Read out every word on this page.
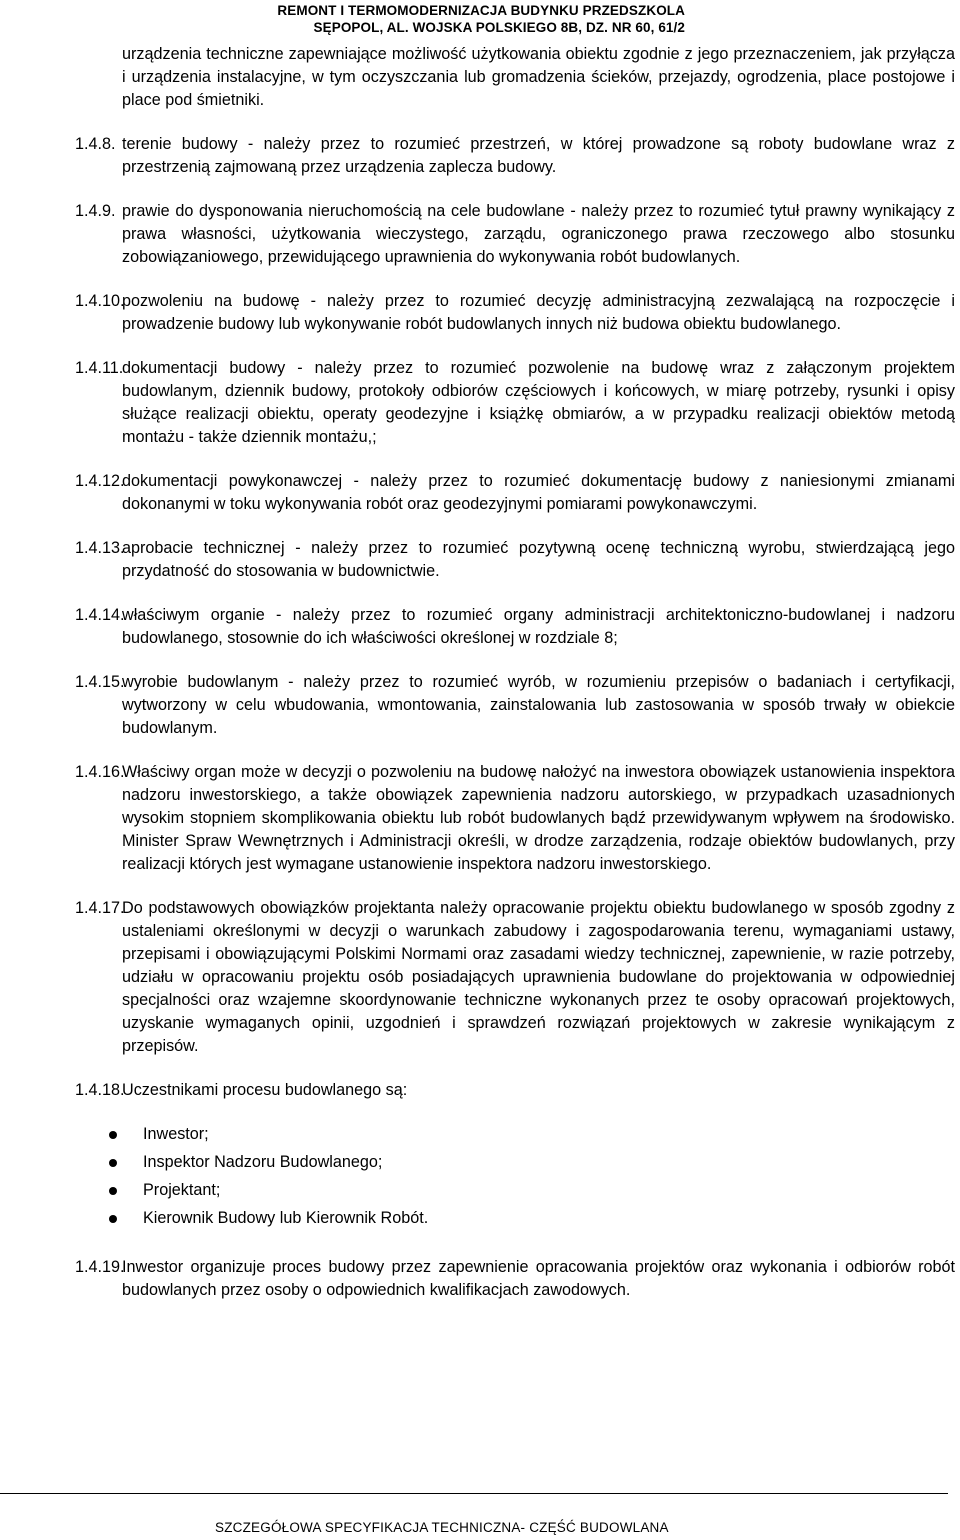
REMONT I TERMOMODERNIZACJA BUDYNKU PRZEDSZKOLA
SĘPOPOL, AL. WOJSKA POLSKIEGO 8B, DZ. NR 60, 61/2

urządzenia techniczne zapewniające możliwość użytkowania obiektu zgodnie z jego przeznaczeniem, jak przyłącza i urządzenia instalacyjne, w tym oczyszczania lub gromadzenia ścieków, przejazdy, ogrodzenia, place postojowe i place pod śmietniki.

1.4.8. terenie budowy - należy przez to rozumieć przestrzeń, w której prowadzone są roboty budowlane wraz z przestrzenią zajmowaną przez urządzenia zaplecza budowy.
1.4.9. prawie do dysponowania nieruchomością na cele budowlane - należy przez to rozumieć tytuł prawny wynikający z prawa własności, użytkowania wieczystego, zarządu, ograniczonego prawa rzeczowego albo stosunku zobowiązaniowego, przewidującego uprawnienia do wykonywania robót budowlanych.
1.4.10.
pozwoleniu na budowę - należy przez to rozumieć decyzję administracyjną zezwalającą na rozpoczęcie i prowadzenie budowy lub wykonywanie robót budowlanych innych niż budowa obiektu budowlanego.
1.4.11.
dokumentacji budowy - należy przez to rozumieć pozwolenie na budowę wraz z załączonym projektem budowlanym, dziennik budowy, protokoły odbiorów częściowych i końcowych, w miarę potrzeby, rysunki i opisy służące realizacji obiektu, operaty geodezyjne i książkę obmiarów, a w przypadku realizacji obiektów metodą montażu - także dziennik montażu,;
1.4.12.
dokumentacji powykonawczej - należy przez to rozumieć dokumentację budowy z naniesionymi zmianami dokonanymi w toku wykonywania robót oraz geodezyjnymi pomiarami powykonawczymi.
1.4.13.
aprobacie technicznej - należy przez to rozumieć pozytywną ocenę techniczną wyrobu, stwierdzającą jego przydatność do stosowania w budownictwie.
1.4.14.
właściwym organie - należy przez to rozumieć organy administracji architektoniczno-budowlanej i nadzoru budowlanego, stosownie do ich właściwości określonej w rozdziale 8;
1.4.15.
wyrobie budowlanym - należy przez to rozumieć wyrób, w rozumieniu przepisów o badaniach i certyfikacji, wytworzony w celu wbudowania, wmontowania, zainstalowania lub zastosowania w sposób trwały w obiekcie budowlanym.
1.4.16.
Właściwy organ może w decyzji o pozwoleniu na budowę nałożyć na inwestora obowiązek ustanowienia inspektora nadzoru inwestorskiego, a także obowiązek zapewnienia nadzoru autorskiego, w przypadkach uzasadnionych wysokim stopniem skomplikowania obiektu lub robót budowlanych bądź przewidywanym wpływem na środowisko. Minister Spraw Wewnętrznych i Administracji określi, w drodze zarządzenia, rodzaje obiektów budowlanych, przy realizacji których jest wymagane ustanowienie inspektora nadzoru inwestorskiego.
1.4.17.
Do podstawowych obowiązków projektanta należy opracowanie projektu obiektu budowlanego w sposób zgodny z ustaleniami określonymi w decyzji o warunkach zabudowy i zagospodarowania terenu, wymaganiami ustawy, przepisami i obowiązującymi Polskimi Normami oraz zasadami wiedzy technicznej, zapewnienie, w razie potrzeby, udziału w opracowaniu projektu osób posiadających uprawnienia budowlane do projektowania w odpowiedniej specjalności oraz wzajemne skoordynowanie techniczne wykonanych przez te osoby opracowań projektowych, uzyskanie wymaganych opinii, uzgodnień i sprawdzeń rozwiązań projektowych w zakresie wynikającym z przepisów.
1.4.18.
Uczestnikami procesu budowlanego są:
Inwestor;
Inspektor Nadzoru Budowlanego;
Projektant;
Kierownik Budowy lub Kierownik Robót.
1.4.19.
Inwestor organizuje proces budowy przez zapewnienie opracowania projektów oraz wykonania i odbiorów robót budowlanych przez osoby o odpowiednich kwalifikacjach zawodowych.
SZCZEGÓŁOWA SPECYFIKACJA TECHNICZNA- CZĘŚĆ BUDOWLANA
